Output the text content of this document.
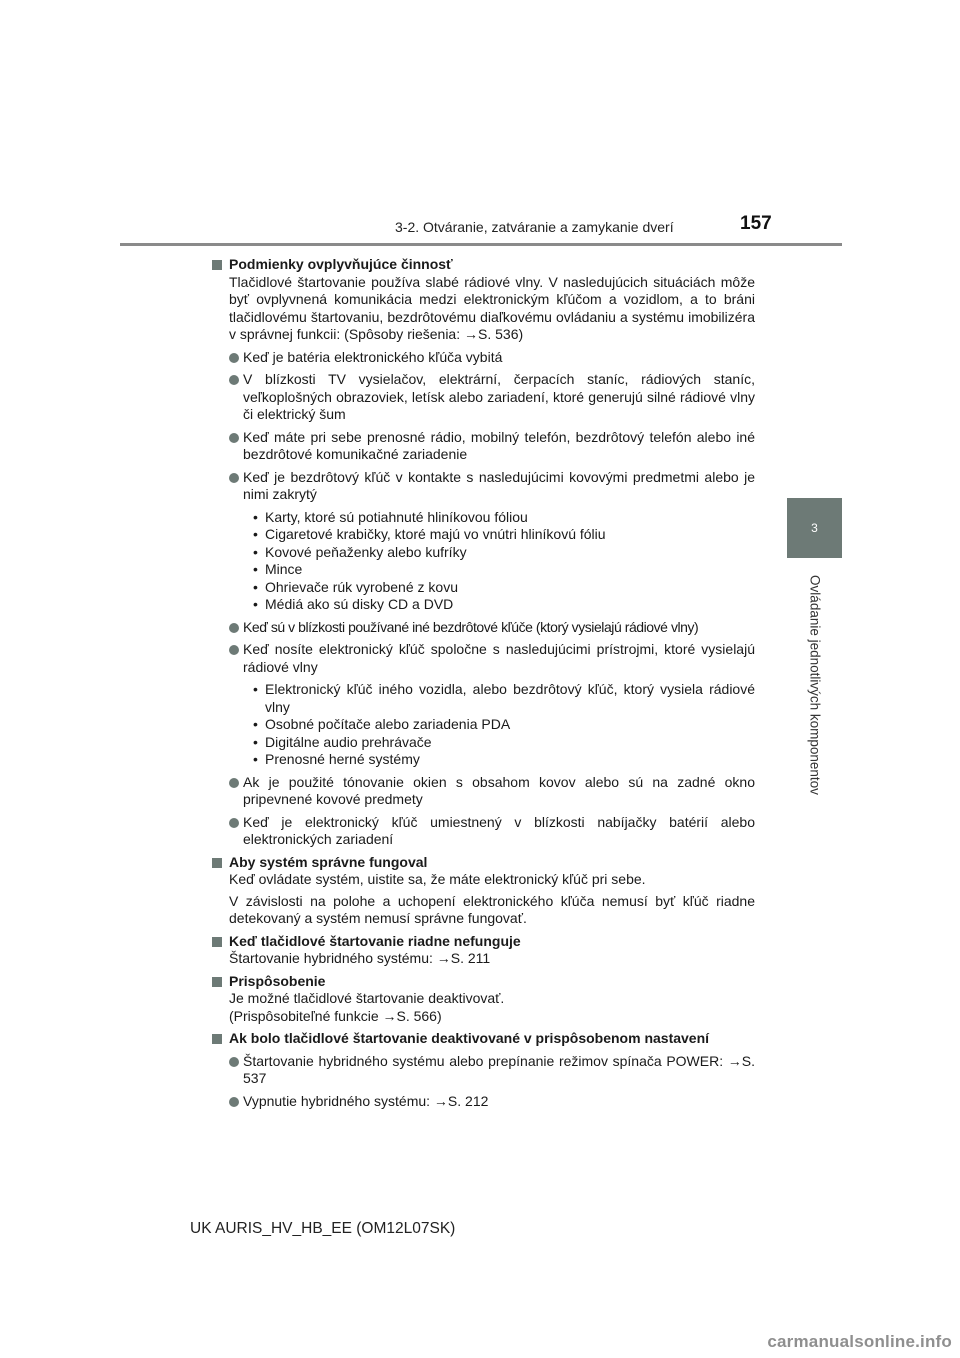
3-2. Otváranie, zatváranie a zamykanie dverí	157
3
Ovládanie jednotlivých komponentov
Podmienky ovplyvňujúce činnosť
Tlačidlové štartovanie používa slabé rádiové vlny. V nasledujúcich situáciách môže byť ovplyvnená komunikácia medzi elektronickým kľúčom a vozidlom, a to bráni tlačidlovému štartovaniu, bezdrôtovému diaľkovému ovládaniu a systému imobilizéra v správnej funkcii: (Spôsoby riešenia: →S. 536)
Keď je batéria elektronického kľúča vybitá
V blízkosti TV vysielačov, elektrární, čerpacích staníc, rádiových staníc, veľkoplošných obrazoviek, letísk alebo zariadení, ktoré generujú silné rádiové vlny či elektrický šum
Keď máte pri sebe prenosné rádio, mobilný telefón, bezdrôtový telefón alebo iné bezdrôtové komunikačné zariadenie
Keď je bezdrôtový kľúč v kontakte s nasledujúcimi kovovými predmetmi alebo je nimi zakrytý
• Karty, ktoré sú potiahnuté hliníkovou fóliou
• Cigaretové krabičky, ktoré majú vo vnútri hliníkovú fóliu
• Kovové peňaženky alebo kufríky
• Mince
• Ohrievače rúk vyrobené z kovu
• Médiá ako sú disky CD a DVD
Keď sú v blízkosti používané iné bezdrôtové kľúče (ktorý vysielajú rádiové vlny)
Keď nosíte elektronický kľúč spoločne s nasledujúcimi prístrojmi, ktoré vysielajú rádiové vlny
• Elektronický kľúč iného vozidla, alebo bezdrôtový kľúč, ktorý vysiela rádiové vlny
• Osobné počítače alebo zariadenia PDA
• Digitálne audio prehrávače
• Prenosné herné systémy
Ak je použité tónovanie okien s obsahom kovov alebo sú na zadné okno pripevnené kovové predmety
Keď je elektronický kľúč umiestnený v blízkosti nabíjačky batérií alebo elektronických zariadení
Aby systém správne fungoval
Keď ovládate systém, uistite sa, že máte elektronický kľúč pri sebe.
V závislosti na polohe a uchopení elektronického kľúča nemusí byť kľúč riadne detekovaný a systém nemusí správne fungovať.
Keď tlačidlové štartovanie riadne nefunguje
Štartovanie hybridného systému: →S. 211
Prispôsobenie
Je možné tlačidlové štartovanie deaktivovať.
(Prispôsobiteľné funkcie →S. 566)
Ak bolo tlačidlové štartovanie deaktivované v prispôsobenom nastavení
Štartovanie hybridného systému alebo prepínanie režimov spínača POWER: →S. 537
Vypnutie hybridného systému: →S. 212
UK AURIS_HV_HB_EE (OM12L07SK)
carmanualsonline.info
